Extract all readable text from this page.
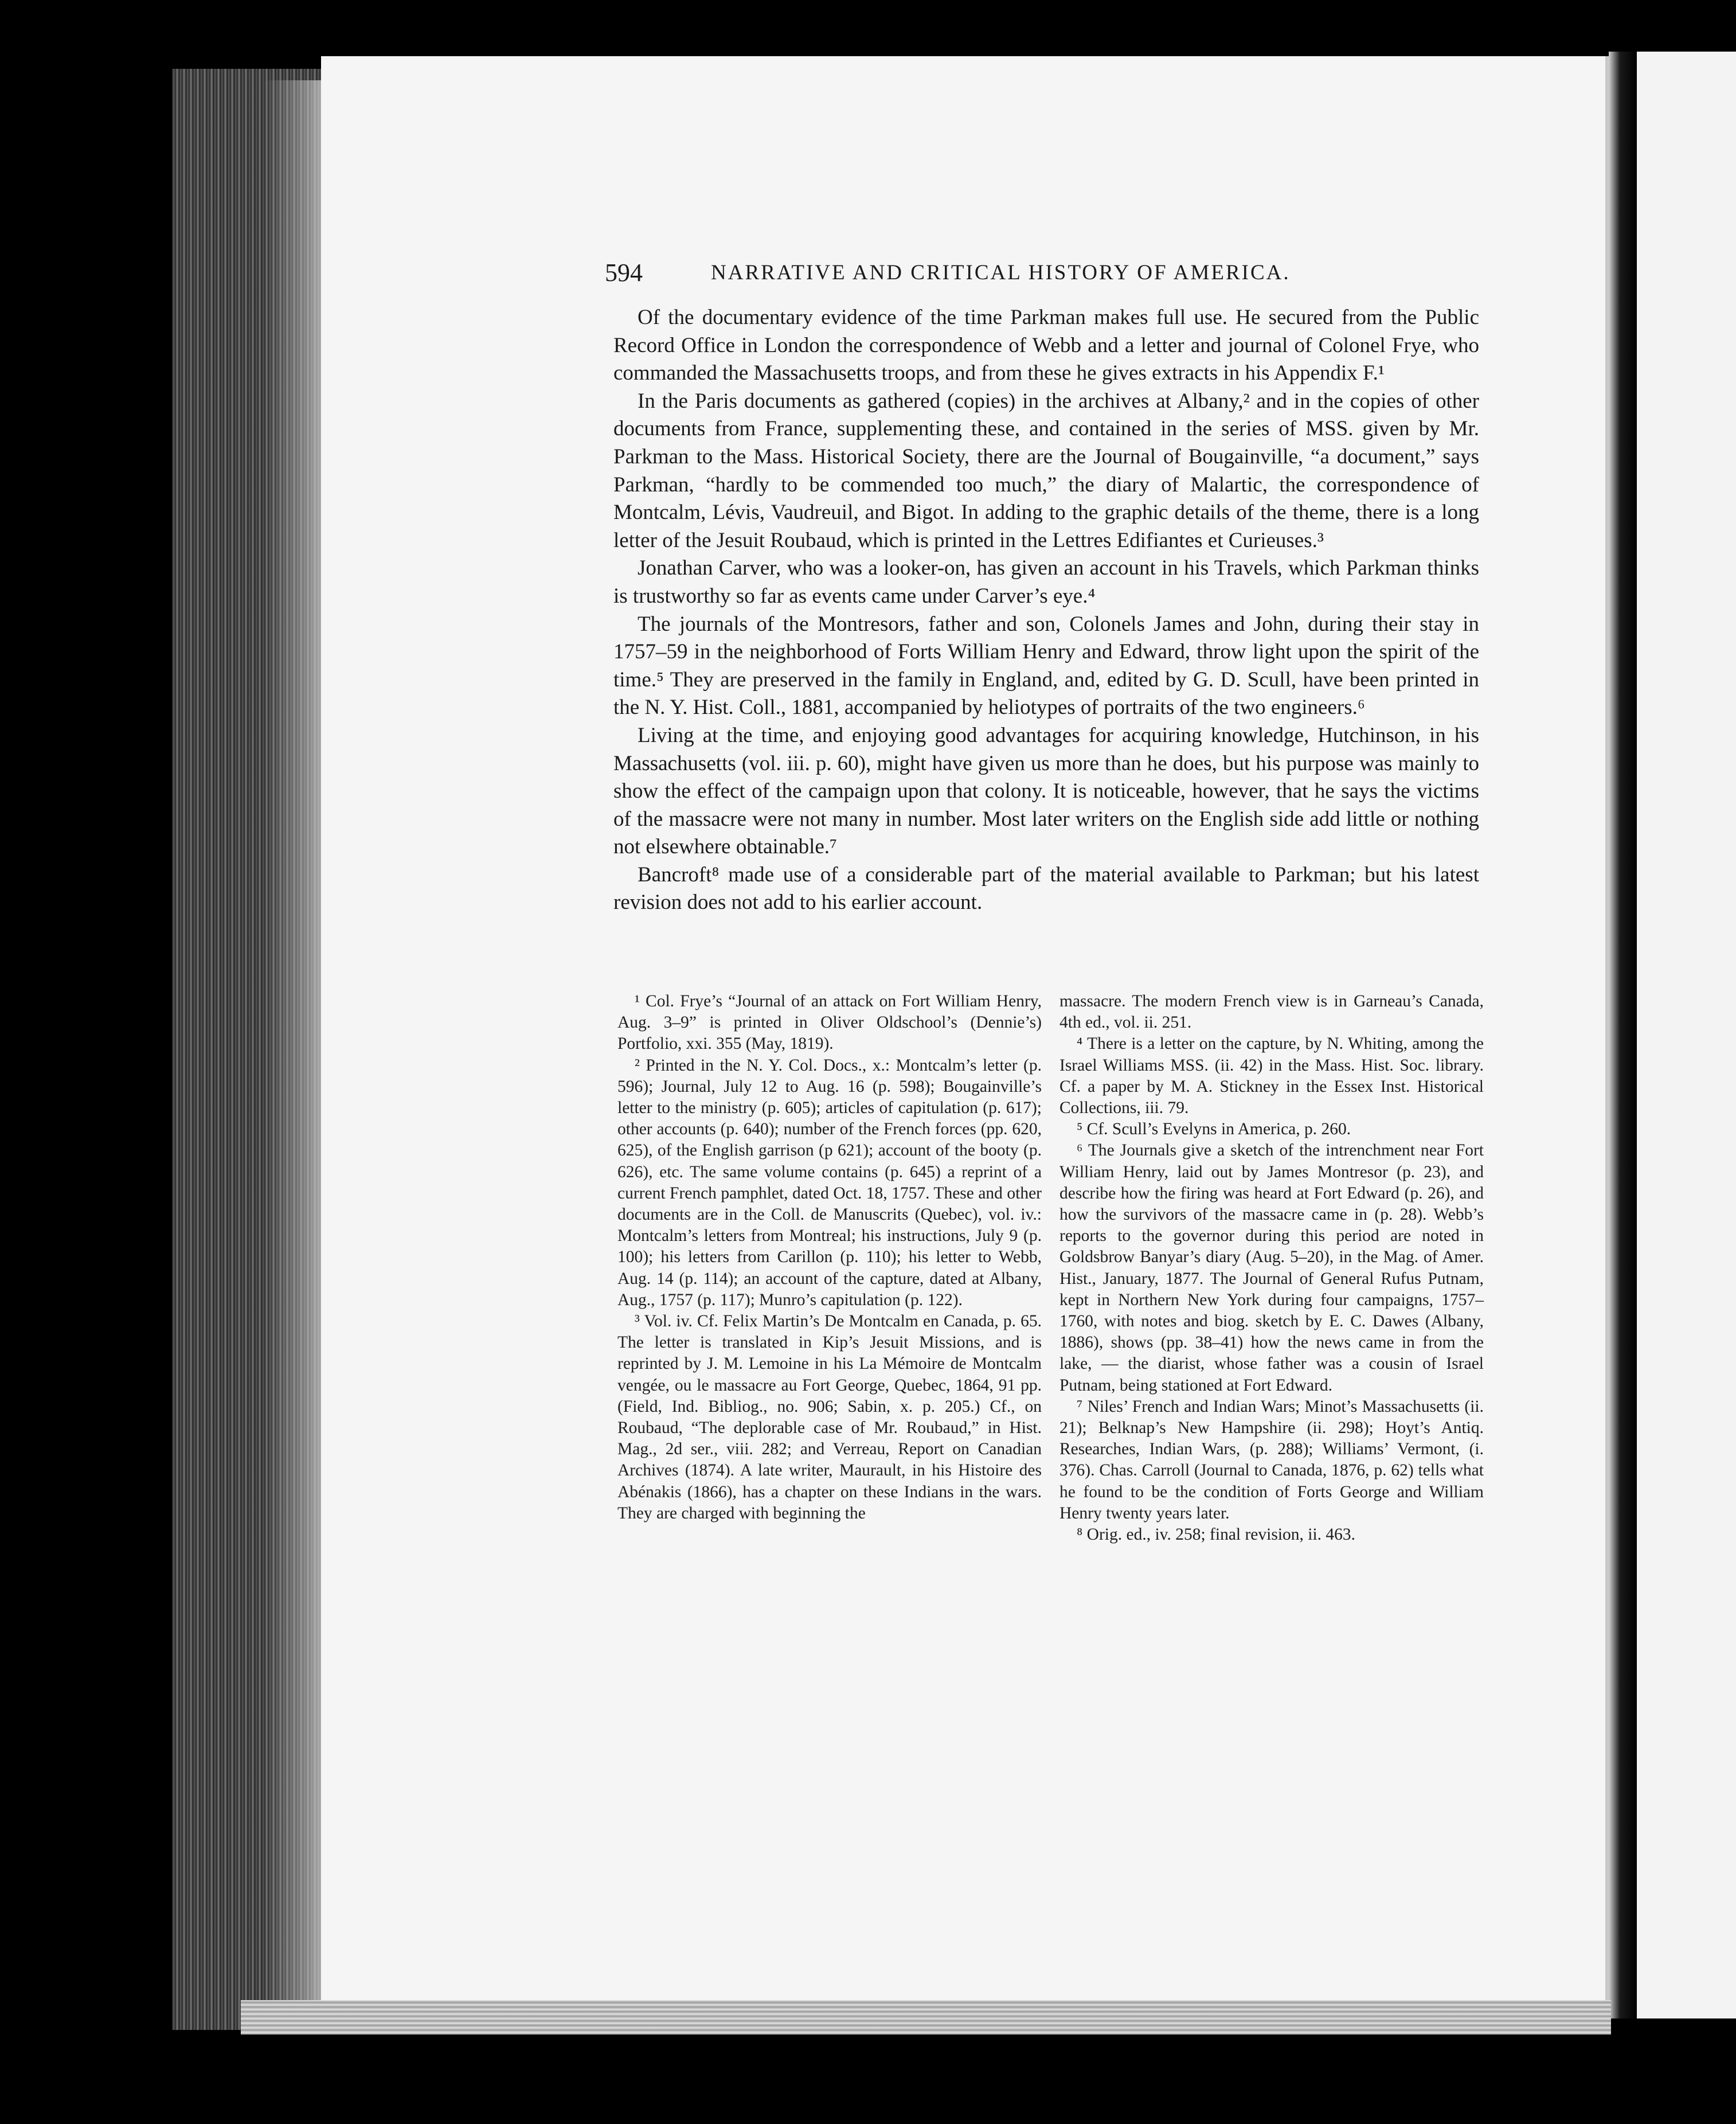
594	NARRATIVE AND CRITICAL HISTORY OF AMERICA.

Of the documentary evidence of the time Parkman makes full use. He secured from the Public Record Office in London the correspondence of Webb and a letter and journal of Colonel Frye, who commanded the Massachusetts troops, and from these he gives extracts in his Appendix F.¹

In the Paris documents as gathered (copies) in the archives at Albany,² and in the copies of other documents from France, supplementing these, and contained in the series of MSS. given by Mr. Parkman to the Mass. Historical Society, there are the Journal of Bougainville, “a document,” says Parkman, “hardly to be commended too much,” the diary of Malartic, the correspondence of Montcalm, Lévis, Vaudreuil, and Bigot. In adding to the graphic details of the theme, there is a long letter of the Jesuit Roubaud, which is printed in the Lettres Edifiantes et Curieuses.³

Jonathan Carver, who was a looker-on, has given an account in his Travels, which Parkman thinks is trustworthy so far as events came under Carver’s eye.⁴

The journals of the Montresors, father and son, Colonels James and John, during their stay in 1757–59 in the neighborhood of Forts William Henry and Edward, throw light upon the spirit of the time.⁵ They are preserved in the family in England, and, edited by G. D. Scull, have been printed in the N. Y. Hist. Coll., 1881, accompanied by heliotypes of portraits of the two engineers.⁶

Living at the time, and enjoying good advantages for acquiring knowledge, Hutchinson, in his Massachusetts (vol. iii. p. 60), might have given us more than he does, but his purpose was mainly to show the effect of the campaign upon that colony. It is noticeable, however, that he says the victims of the massacre were not many in number. Most later writers on the English side add little or nothing not elsewhere obtainable.⁷

Bancroft⁸ made use of a considerable part of the material available to Parkman; but his latest revision does not add to his earlier account.

¹ Col. Frye’s “Journal of an attack on Fort William Henry, Aug. 3–9” is printed in Oliver Oldschool’s (Dennie’s) Portfolio, xxi. 355 (May, 1819).

² Printed in the N. Y. Col. Docs., x.: Montcalm’s letter (p. 596); Journal, July 12 to Aug. 16 (p. 598); Bougainville’s letter to the ministry (p. 605); articles of capitulation (p. 617); other accounts (p. 640); number of the French forces (pp. 620, 625), of the English garrison (p 621); account of the booty (p. 626), etc. The same volume contains (p. 645) a reprint of a current French pamphlet, dated Oct. 18, 1757. These and other documents are in the Coll. de Manuscrits (Quebec), vol. iv.: Montcalm’s letters from Montreal; his instructions, July 9 (p. 100); his letters from Carillon (p. 110); his letter to Webb, Aug. 14 (p. 114); an account of the capture, dated at Albany, Aug., 1757 (p. 117); Munro’s capitulation (p. 122).

³ Vol. iv. Cf. Felix Martin’s De Montcalm en Canada, p. 65. The letter is translated in Kip’s Jesuit Missions, and is reprinted by J. M. Lemoine in his La Mémoire de Montcalm vengée, ou le massacre au Fort George, Quebec, 1864, 91 pp. (Field, Ind. Bibliog., no. 906; Sabin, x. p. 205.) Cf., on Roubaud, “The deplorable case of Mr. Roubaud,” in Hist. Mag., 2d ser., viii. 282; and Verreau, Report on Canadian Archives (1874). A late writer, Maurault, in his Histoire des Abénakis (1866), has a chapter on these Indians in the wars. They are charged with beginning the

massacre. The modern French view is in Garneau’s Canada, 4th ed., vol. ii. 251.

⁴ There is a letter on the capture, by N. Whiting, among the Israel Williams MSS. (ii. 42) in the Mass. Hist. Soc. library. Cf. a paper by M. A. Stickney in the Essex Inst. Historical Collections, iii. 79.

⁵ Cf. Scull’s Evelyns in America, p. 260.

⁶ The Journals give a sketch of the intrenchment near Fort William Henry, laid out by James Montresor (p. 23), and describe how the firing was heard at Fort Edward (p. 26), and how the survivors of the massacre came in (p. 28). Webb’s reports to the governor during this period are noted in Goldsbrow Banyar’s diary (Aug. 5–20), in the Mag. of Amer. Hist., January, 1877. The Journal of General Rufus Putnam, kept in Northern New York during four campaigns, 1757–1760, with notes and biog. sketch by E. C. Dawes (Albany, 1886), shows (pp. 38–41) how the news came in from the lake, — the diarist, whose father was a cousin of Israel Putnam, being stationed at Fort Edward.

⁷ Niles’ French and Indian Wars; Minot’s Massachusetts (ii. 21); Belknap’s New Hampshire (ii. 298); Hoyt’s Antiq. Researches, Indian Wars, (p. 288); Williams’ Vermont, (i. 376). Chas. Carroll (Journal to Canada, 1876, p. 62) tells what he found to be the condition of Forts George and William Henry twenty years later.

⁸ Orig. ed., iv. 258; final revision, ii. 463.
